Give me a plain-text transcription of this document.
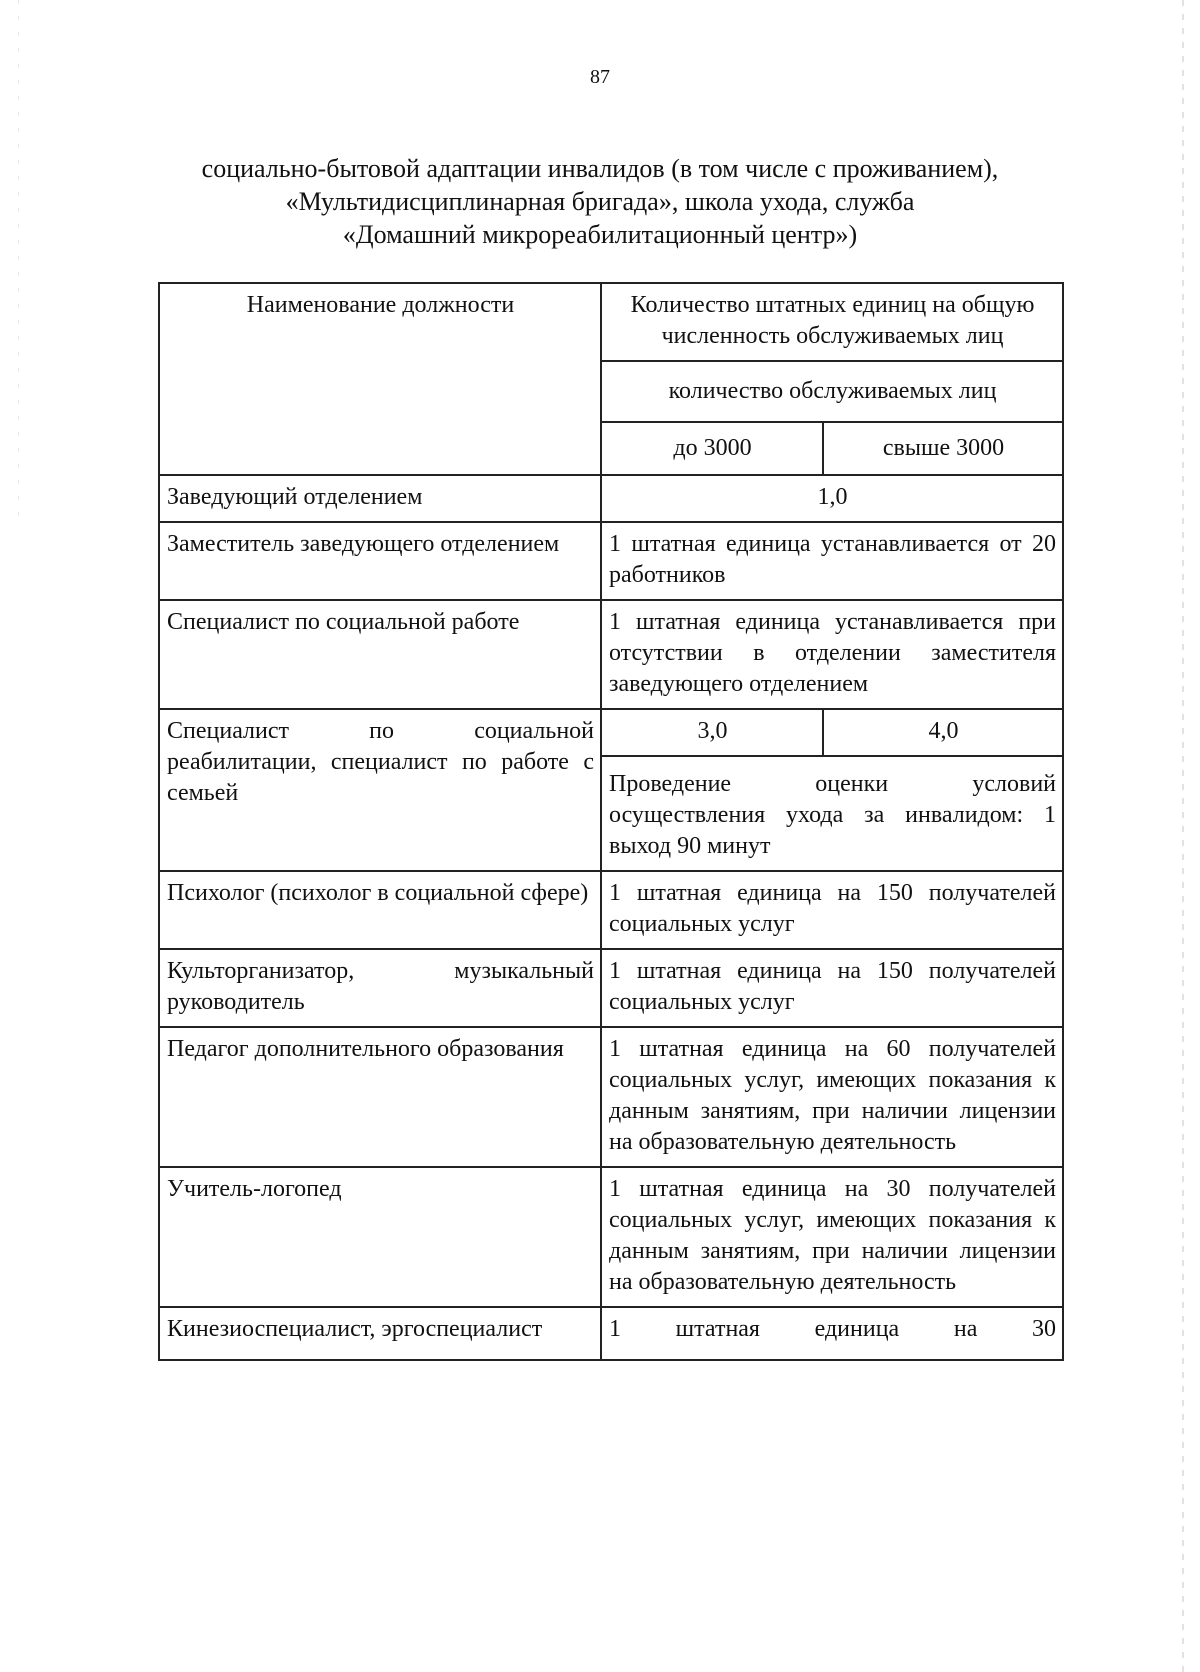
87
социально-бытовой адаптации инвалидов (в том числе с проживанием),
«Мультидисциплинарная бригада», школа ухода, служба
«Домашний микрореабилитационный центр»)
Наименование должности	Количество штатных единиц на общую численность обслуживаемых лиц	
	количество обслуживаемых лиц	
	до 3000	свыше 3000
Заведующий отделением	1,0	
Заместитель заведующего отделением	1 штатная единица устанавливается от 20 работников	
Специалист по социальной работе	1 штатная единица устанавливается при отсутствии в отделении заместителя заведующего отделением	
Специалист по социальной реабилитации, специалист по работе с семьей	3,0	4,0
	Проведение оценки условий осуществления ухода за инвалидом: 1 выход 90 минут	
Психолог (психолог в социальной сфере)	1 штатная единица на 150 получателей социальных услуг	
Культорганизатор, музыкальный руководитель	1 штатная единица на 150 получателей социальных услуг	
Педагог дополнительного образования	1 штатная единица на 60 получателей социальных услуг, имеющих показания к данным занятиям, при наличии лицензии на образовательную деятельность	
Учитель-логопед	1 штатная единица на 30 получателей социальных услуг, имеющих показания к данным занятиям, при наличии лицензии на образовательную деятельность	
Кинезиоспециалист, эргоспециалист	1 штатная единица на 30	
